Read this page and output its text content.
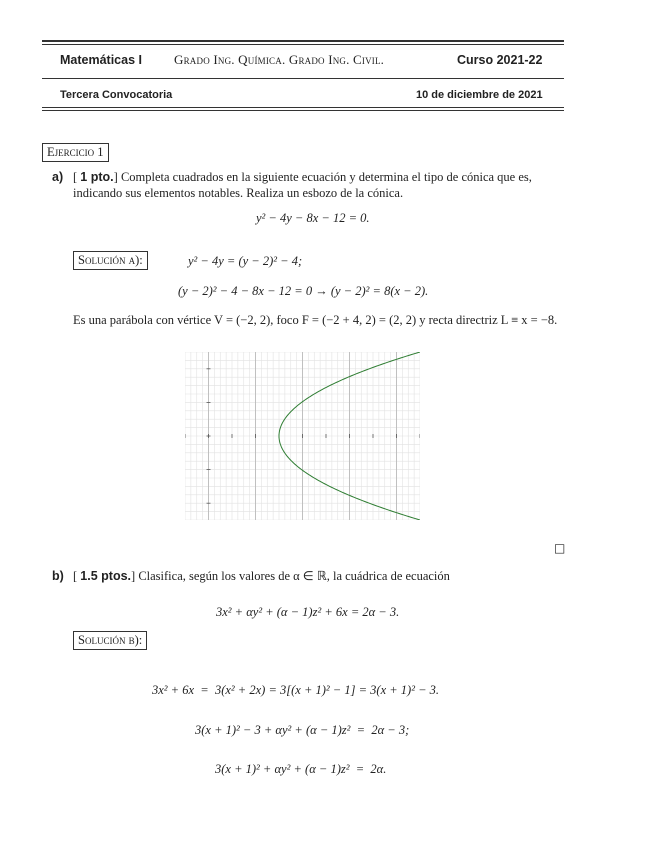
Matemáticas I Grado Ing. Química. Grado Ing. Civil.	Curso 2021-22
Tercera Convocatoria	10 de diciembre de 2021
Ejercicio 1
a) [ 1 pto.] Completa cuadrados en la siguiente ecuación y determina el tipo de cónica que es, indicando sus elementos notables. Realiza un esbozo de la cónica.
y² − 4y − 8x − 12 = 0.
Solución a):	y² − 4y = (y − 2)² − 4;
(y − 2)² − 4 − 8x − 12 = 0 → (y − 2)² = 8(x − 2).
Es una parábola con vértice V = (−2, 2), foco F = (−2 + 4, 2) = (2, 2) y recta directriz L ≡ x = −8.
□
b) [ 1.5 ptos.] Clasifica, según los valores de α ∈ ℝ, la cuádrica de ecuación
3x² + αy² + (α − 1)z² + 6x = 2α − 3.
Solución b):
3x² + 6x  =  3(x² + 2x) = 3[(x + 1)² − 1] = 3(x + 1)² − 3.
3(x + 1)² − 3 + αy² + (α − 1)z²  =  2α − 3;
3(x + 1)² + αy² + (α − 1)z²  =  2α.
